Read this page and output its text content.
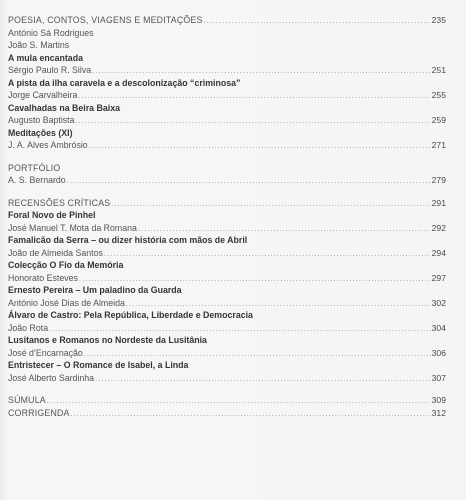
POESIA, CONTOS, VIAGENS E MEDITAÇÕES .....	235
António Sá Rodrigues
João S. Martins
A mula encantada
Sérgio Paulo R. Silva .....	251
A pista da ilha caravela e a descolonização “criminosa”
Jorge Carvalheira .....	255
Cavalhadas na Beira Baixa
Augusto Baptista .....	259
Meditações (XI)
J. A. Alves Ambrósio .....	271
PORTFÓLIO
A. S. Bernardo .....	279
RECENSÕES CRÍTICAS .....	291
Foral Novo de Pinhel
José Manuel T. Mota da Romana .....	292
Famalicão da Serra – ou dizer história com mãos de Abril
João de Almeida Santos .....	294
Colecção O Fio da Memória
Honorato Esteves .....	297
Ernesto Pereira – Um paladino da Guarda
António José Dias de Almeida .....	302
Álvaro de Castro: Pela República, Liberdade e Democracia
João Rota .....	304
Lusitanos e Romanos no Nordeste da Lusitânia
José d’Encarnação .....	306
Entristecer – O Romance de Isabel, a Linda
José Alberto Sardinha .....	307
SÚMULA .....	309
CORRIGENDA .....	312
